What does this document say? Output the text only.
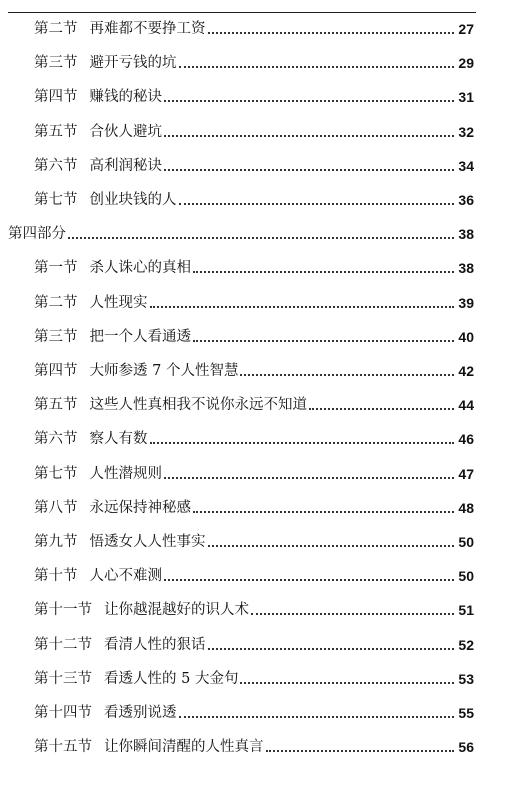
第二节 再难都不要挣工资	27
第三节 避开亏钱的坑	29
第四节 赚钱的秘诀	31
第五节 合伙人避坑	32
第六节 高利润秘诀	34
第七节 创业块钱的人	36
第四部分	38
第一节 杀人诛心的真相	38
第二节 人性现实	39
第三节 把一个人看通透	40
第四节 大师参透 7 个人性智慧	42
第五节 这些人性真相我不说你永远不知道	44
第六节 察人有数	46
第七节 人性潜规则	47
第八节 永远保持神秘感	48
第九节 悟透女人人性事实	50
第十节 人心不难测	50
第十一节 让你越混越好的识人术	51
第十二节 看清人性的狠话	52
第十三节 看透人性的 5 大金句	53
第十四节 看透别说透	55
第十五节 让你瞬间清醒的人性真言	56
